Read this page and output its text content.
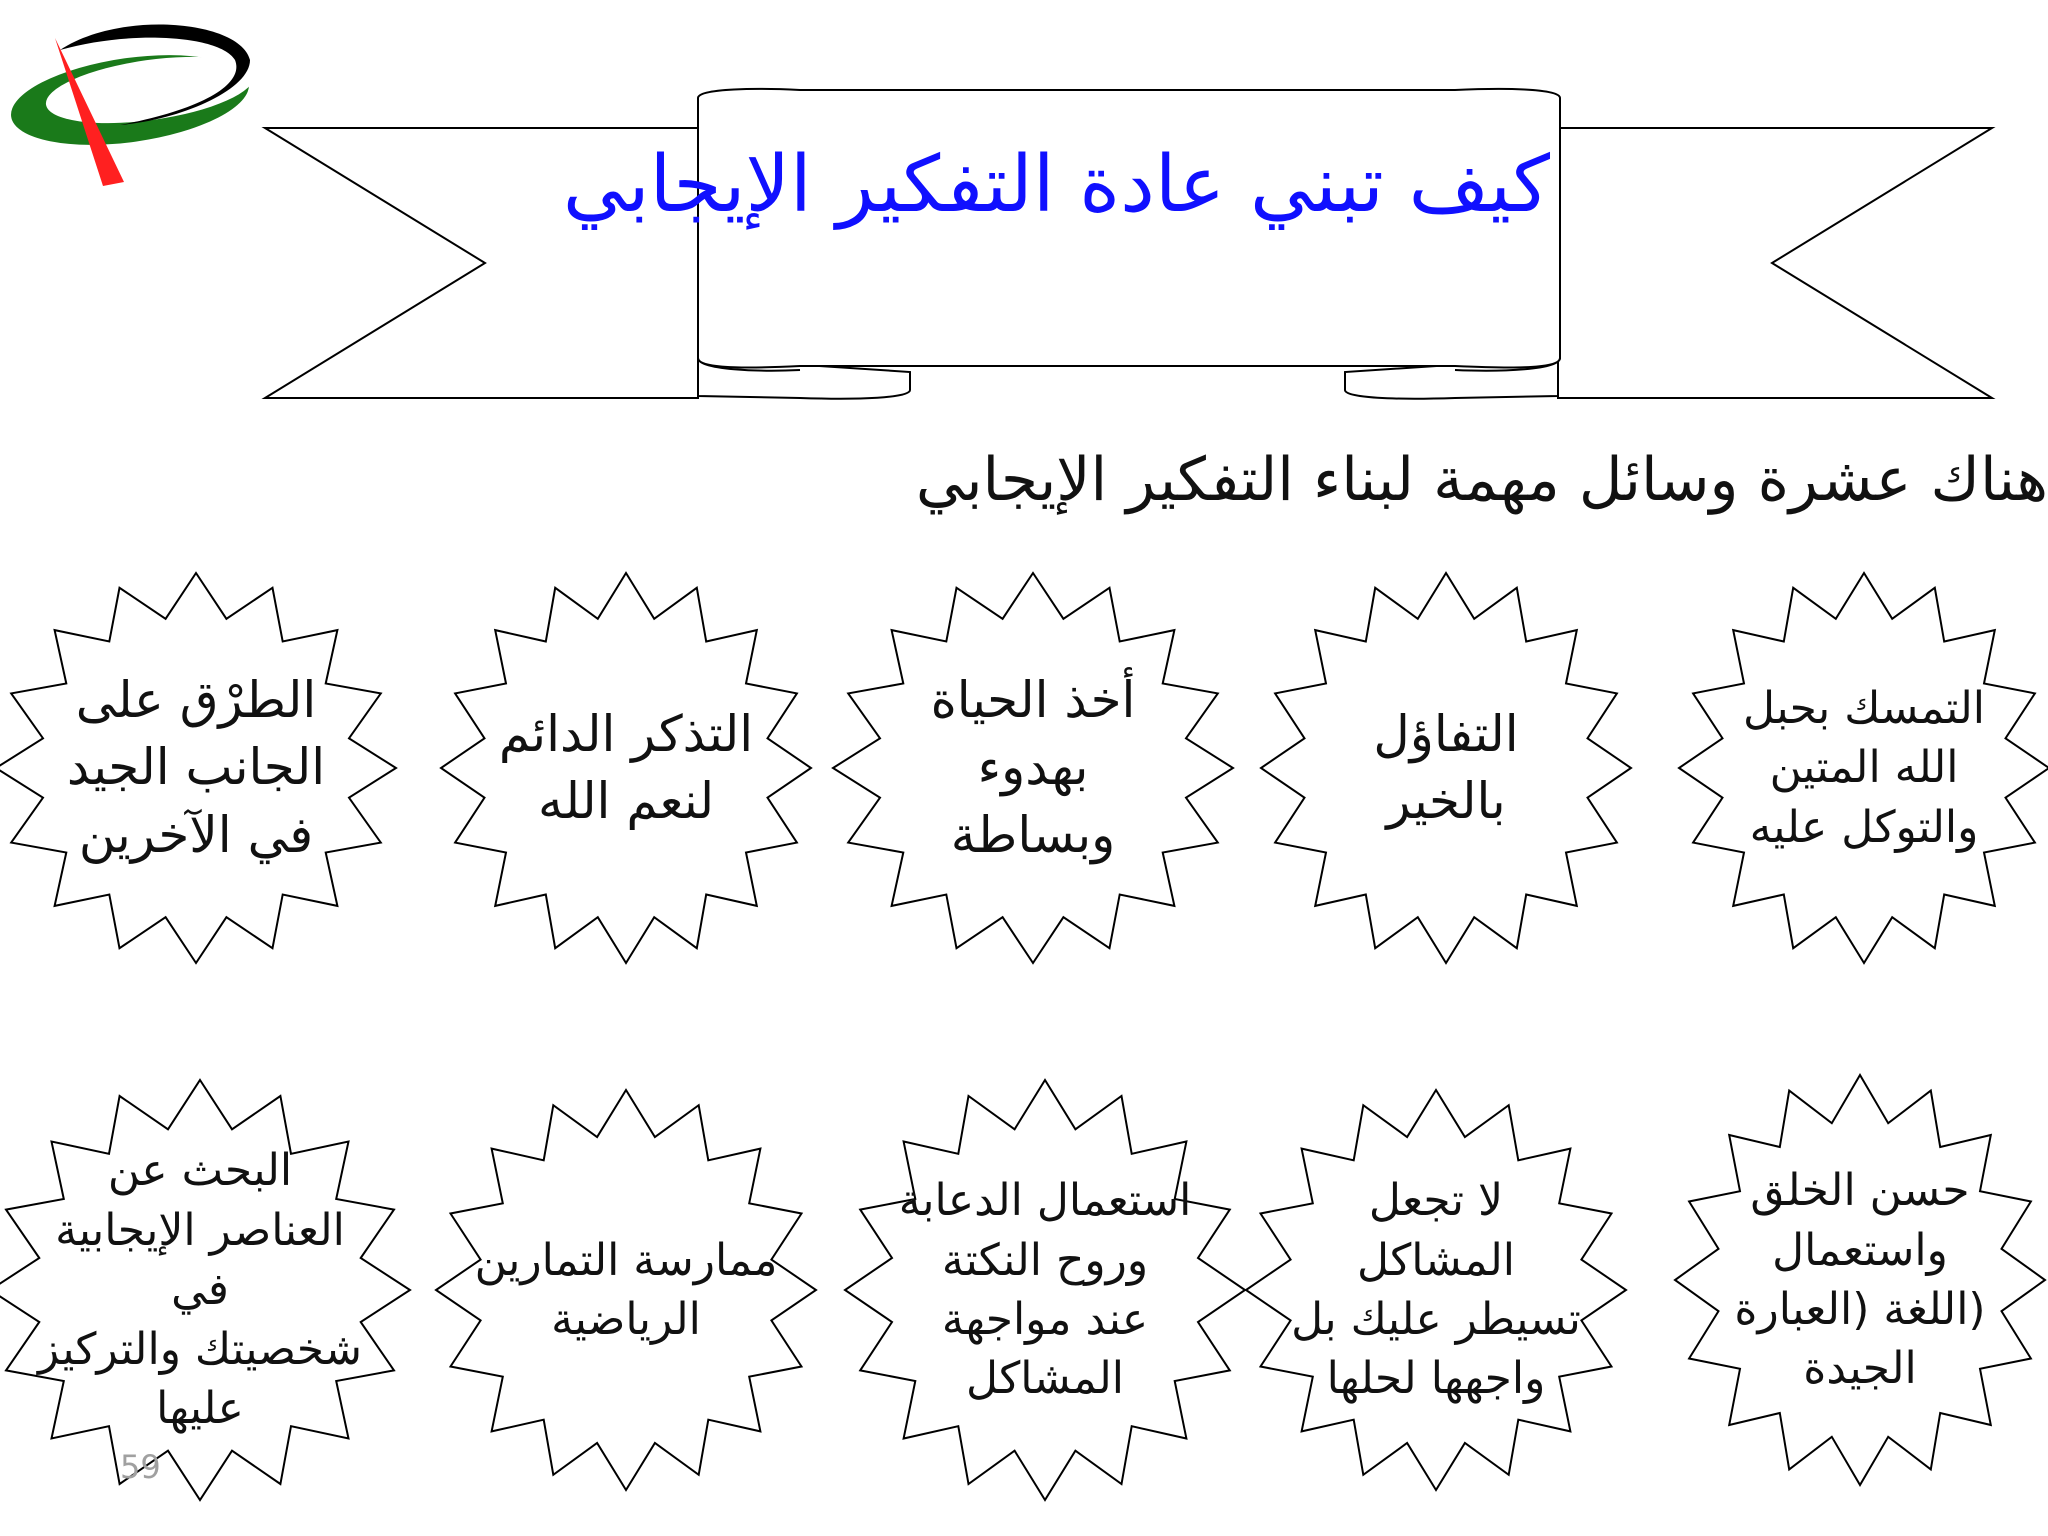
كيف تبني عادة التفكير الإيجابي
هناك عشرة وسائل مهمة لبناء التفكير الإيجابي
التمسك بحبل
الله المتين
والتوكل عليه
التفاؤل
بالخير
أخذ الحياة
بهدوء
وبساطة
التذكر الدائم
لنعم الله
الطرْق على
الجانب الجيد
في الآخرين
حسن الخلق
واستعمال
(اللغة (العبارة
الجيدة
لا تجعل المشاكل
تسيطر عليك بل
واجهها لحلها
استعمال الدعابة
وروح النكتة
عند مواجهة
المشاكل
ممارسة التمارين
الرياضية
البحث عن
العناصر الإيجابية في
شخصيتك والتركيز
عليها
59
